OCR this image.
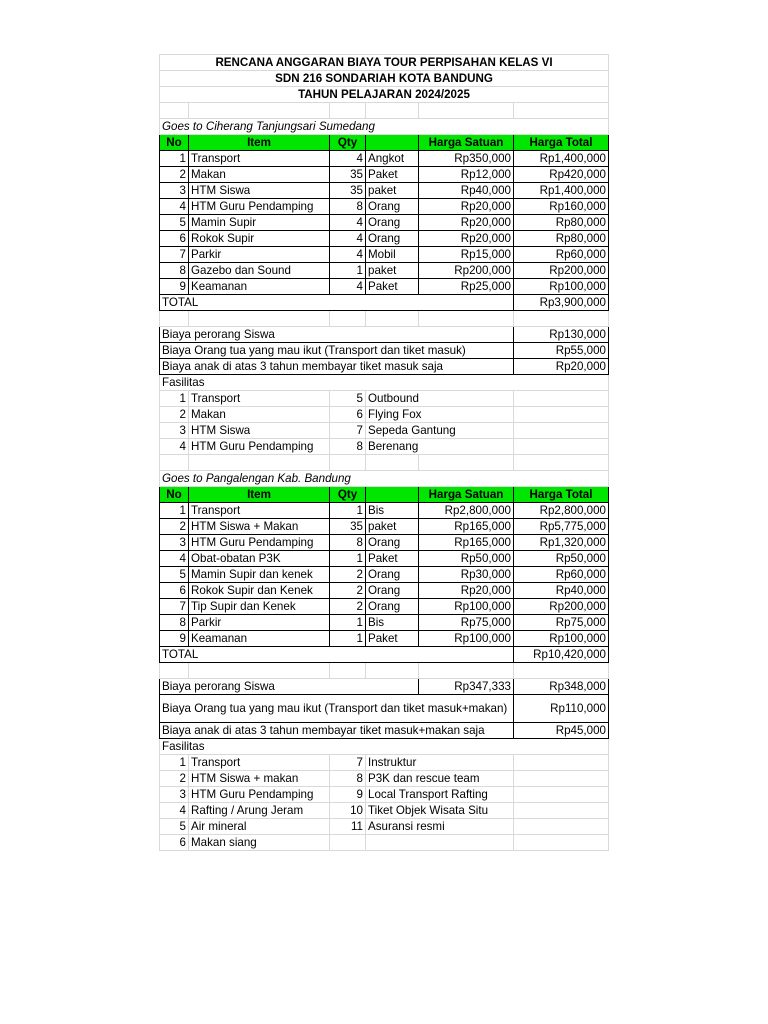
RENCANA ANGGARAN BIAYA TOUR PERPISAHAN KELAS VI					
SDN 216 SONDARIAH KOTA BANDUNG					
TAHUN PELAJARAN 2024/2025					

Goes to Ciherang Tanjungsari Sumedang					
No	Item	Qty		Harga Satuan	Harga Total
1	Transport	4	Angkot	Rp350,000	Rp1,400,000
2	Makan	35	Paket	Rp12,000	Rp420,000
3	HTM Siswa	35	paket	Rp40,000	Rp1,400,000
4	HTM Guru Pendamping	8	Orang	Rp20,000	Rp160,000
5	Mamin Supir	4	Orang	Rp20,000	Rp80,000
6	Rokok Supir	4	Orang	Rp20,000	Rp80,000
7	Parkir	4	Mobil	Rp15,000	Rp60,000
8	Gazebo dan Sound	1	paket	Rp200,000	Rp200,000
9	Keamanan	4	Paket	Rp25,000	Rp100,000
TOTAL					Rp3,900,000

Biaya perorang Siswa					Rp130,000
Biaya Orang tua yang mau ikut (Transport dan tiket masuk)					Rp55,000
Biaya anak di atas 3 tahun membayar tiket masuk saja					Rp20,000
Fasilitas					
1	Transport	5	Outbound		
2	Makan	6	Flying Fox		
3	HTM Siswa	7	Sepeda Gantung		
4	HTM Guru Pendamping	8	Berenang		

Goes to Pangalengan Kab. Bandung					
No	Item	Qty		Harga Satuan	Harga Total
1	Transport	1	Bis	Rp2,800,000	Rp2,800,000
2	HTM Siswa + Makan	35	paket	Rp165,000	Rp5,775,000
3	HTM Guru Pendamping	8	Orang	Rp165,000	Rp1,320,000
4	Obat-obatan P3K	1	Paket	Rp50,000	Rp50,000
5	Mamin Supir dan kenek	2	Orang	Rp30,000	Rp60,000
6	Rokok Supir dan Kenek	2	Orang	Rp20,000	Rp40,000
7	Tip Supir dan Kenek	2	Orang	Rp100,000	Rp200,000
8	Parkir	1	Bis	Rp75,000	Rp75,000
9	Keamanan	1	Paket	Rp100,000	Rp100,000
TOTAL					Rp10,420,000

Biaya perorang Siswa				Rp347,333	Rp348,000
Biaya Orang tua yang mau ikut (Transport dan tiket masuk+makan)					Rp110,000
Biaya anak di atas 3 tahun membayar tiket masuk+makan saja					Rp45,000
Fasilitas					
1	Transport	7	Instruktur		
2	HTM Siswa + makan	8	P3K dan rescue team		
3	HTM Guru Pendamping	9	Local Transport Rafting		
4	Rafting / Arung Jeram	10	Tiket Objek Wisata Situ		
5	Air mineral	11	Asuransi resmi		
6	Makan siang				
